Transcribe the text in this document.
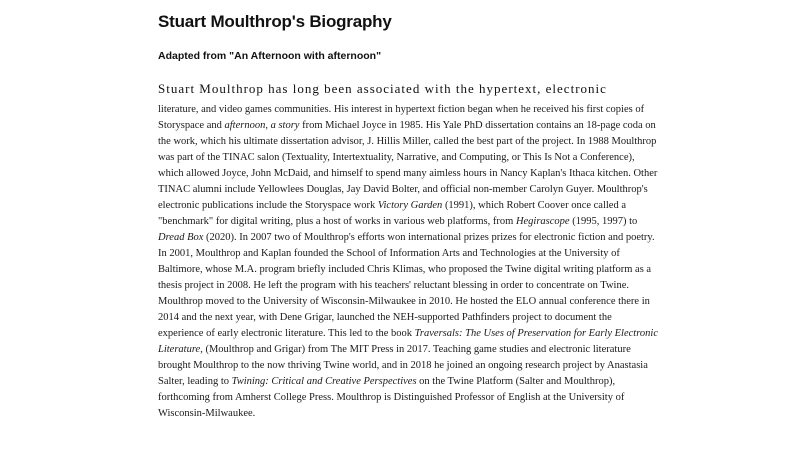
Stuart Moulthrop's Biography
Adapted from "An Afternoon with afternoon"

Stuart Moulthrop has long been associated with the hypertext, electronic
literature, and video games communities. His interest in hypertext fiction began when he received his first copies of Storyspace and afternoon, a story from Michael Joyce in 1985. His Yale PhD dissertation contains an 18-page coda on the work, which his ultimate dissertation advisor, J. Hillis Miller, called the best part of the project. In 1988 Moulthrop was part of the TINAC salon (Textuality, Intertextuality, Narrative, and Computing, or This Is Not a Conference), which allowed Joyce, John McDaid, and himself to spend many aimless hours in Nancy Kaplan's Ithaca kitchen. Other TINAC alumni include Yellowlees Douglas, Jay David Bolter, and official non-member Carolyn Guyer. Moulthrop's electronic publications include the Storyspace work Victory Garden (1991), which Robert Coover once called a "benchmark" for digital writing, plus a host of works in various web platforms, from Hegirascope (1995, 1997) to Dread Box (2020). In 2007 two of Moulthrop's efforts won international prizes prizes for electronic fiction and poetry. In 2001, Moulthrop and Kaplan founded the School of Information Arts and Technologies at the University of Baltimore, whose M.A. program briefly included Chris Klimas, who proposed the Twine digital writing platform as a thesis project in 2008. He left the program with his teachers' reluctant blessing in order to concentrate on Twine. Moulthrop moved to the University of Wisconsin-Milwaukee in 2010. He hosted the ELO annual conference there in 2014 and the next year, with Dene Grigar, launched the NEH-supported Pathfinders project to document the experience of early electronic literature. This led to the book Traversals: The Uses of Preservation for Early Electronic Literature, (Moulthrop and Grigar) from The MIT Press in 2017. Teaching game studies and electronic literature brought Moulthrop to the now thriving Twine world, and in 2018 he joined an ongoing research project by Anastasia Salter, leading to Twining: Critical and Creative Perspectives on the Twine Platform (Salter and Moulthrop), forthcoming from Amherst College Press. Moulthrop is Distinguished Professor of English at the University of Wisconsin-Milwaukee.
